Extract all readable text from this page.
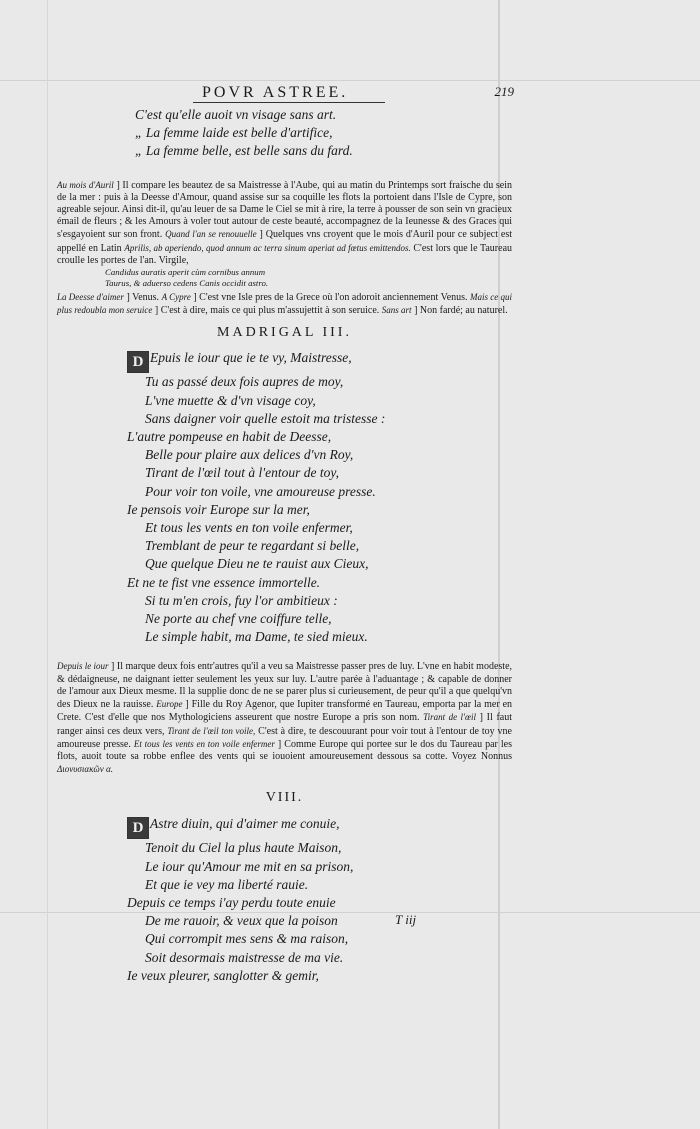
POVR ASTREE.	219
C'est qu'elle auoit vn visage sans art.
„ La femme laide est belle d'artifice,
„ La femme belle, est belle sans du fard.
Au mois d'Auril ] Il compare les beautez de sa Maistresse à l'Aube, qui au matin du Printemps sort fraische du sein de la mer : puis à la Deesse d'Amour, quand assise sur sa coquille les flots la portoient dans l'Isle de Cypre, son agreable sejour. Ainsi dit-il, qu'au leuer de sa Dame le Ciel se mit à rire, la terre à pousser de son sein vn gracieux émail de fleurs ; & les Amours à voler tout autour de ceste beauté, accompagnez de la Ieunesse & des Graces qui s'esgayoient sur son front. Quand l'an se renouuelle ] Quelques vns croyent que le mois d'Auril pour ce subject est appellé en Latin Aprilis, ab aperiendo, quod annum ac terra sinum aperiat ad fœtus emittendos. C'est lors que le Taureau croulle les portes de l'an. Virgile,
Candidus auratis aperit cùm cornibus annum
Taurus, & aduerso cedens Canis occidit astro.
La Deesse d'aimer ] Venus. A Cypre ] C'est vne Isle pres de la Grece où l'on adoroit anciennement Venus. Mais ce qui plus redoubla mon seruice ] C'est à dire, mais ce qui plus m'assujettit à son seruice. Sans art ] Non fardé; au naturel.
MADRIGAL III.
D Epuis le iour que ie te vy, Maistresse,
Tu as passé deux fois aupres de moy,
L'vne muette & d'vn visage coy,
Sans daigner voir quelle estoit ma tristesse :
L'autre pompeuse en habit de Deesse,
Belle pour plaire aux delices d'vn Roy,
Tirant de l'œil tout à l'entour de toy,
Pour voir ton voile, vne amoureuse presse.
Ie pensois voir Europe sur la mer,
Et tous les vents en ton voile enfermer,
Tremblant de peur te regardant si belle,
Que quelque Dieu ne te rauist aux Cieux,
Et ne te fist vne essence immortelle.
Si tu m'en crois, fuy l'or ambitieux :
Ne porte au chef vne coiffure telle,
Le simple habit, ma Dame, te sied mieux.
Depuis le iour ] Il marque deux fois entr'autres qu'il a veu sa Maistresse passer pres de luy. L'vne en habit modeste, & dédaigneuse, ne daignant ietter seulement les yeux sur luy. L'autre parée à l'aduantage ; & capable de donner de l'amour aux Dieux mesme. Il la supplie donc de ne se parer plus si curieusement, de peur qu'il a que quelqu'vn des Dieux ne la rauisse. Europe ] Fille du Roy Agenor, que Iupiter transformé en Taureau, emporta par la mer en Crete. C'est d'elle que nos Mythologiciens asseurent que nostre Europe a pris son nom. Tirant de l'œil ] Il faut ranger ainsi ces deux vers, Tirant de l'œil ton voile, C'est à dire, te descouurant pour voir tout à l'entour de toy vne amoureuse presse. Et tous les vents en ton voile enfermer ] Comme Europe qui portee sur le dos du Taureau par les flots, auoit toute sa robbe enflee des vents qui se iouoient amoureusement dessous sa cotte. Voyez Nonnus Διονυσιακῶν α.
VIII.
D Astre diuin, qui d'aimer me conuie,
Tenoit du Ciel la plus haute Maison,
Le iour qu'Amour me mit en sa prison,
Et que ie vey ma liberté rauie.
Depuis ce temps i'ay perdu toute enuie
De me rauoir, & veux que la poison
Qui corrompit mes sens & ma raison,
Soit desormais maistresse de ma vie.
Ie veux pleurer, sanglotter & gemir,
T iij
